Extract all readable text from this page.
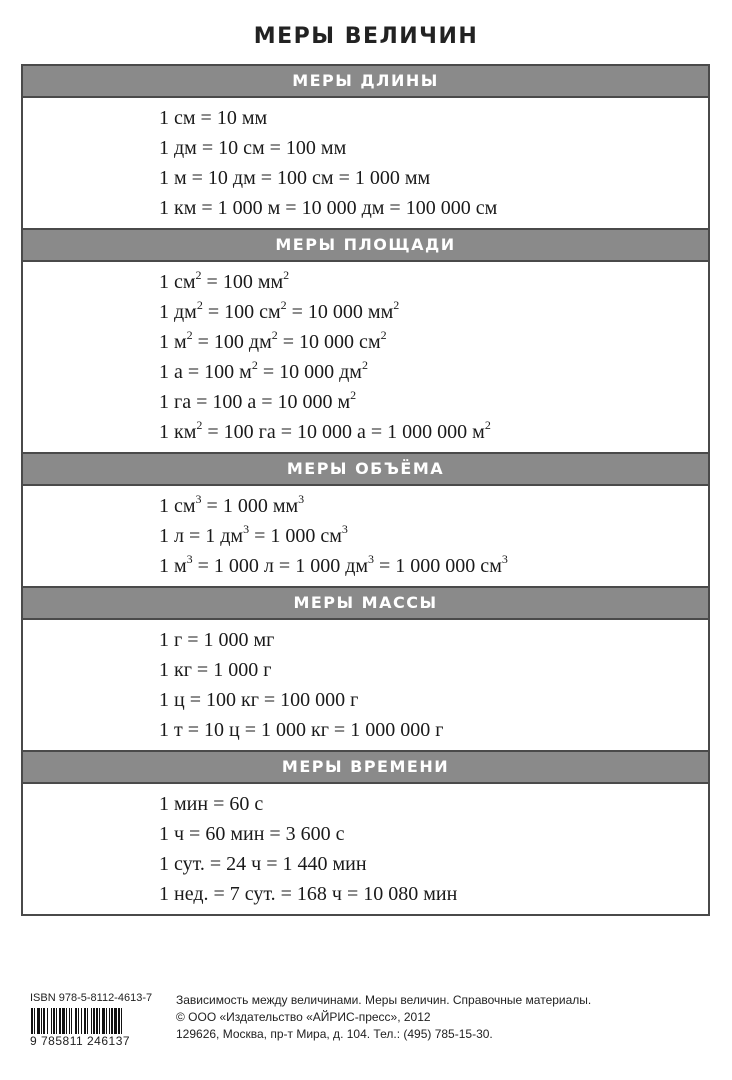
МЕРЫ ВЕЛИЧИН
МЕРЫ ДЛИНЫ
1 см = 10 мм
1 дм = 10 см = 100 мм
1 м = 10 дм = 100 см = 1 000 мм
1 км = 1 000 м = 10 000 дм = 100 000 см
МЕРЫ ПЛОЩАДИ
1 $см^2 = 100$ $мм^2$
1 $дм^2 = 100$ $см^2 = 10$ 000 $мм^2$
1 $м^2 = 100$ $дм^2 = 10$ 000 $см^2$
1 а = 100 $м^2 = 10$ 000 $дм^2$
1 га = 100 а = 10 000 $м^2$
1 $км^2 = 100$ га = 10 000 а = 1 000 000 $м^2$
МЕРЫ ОБЪЁМА
1 $см^3 = 1$ 000 $мм^3$
1 л = 1 $дм^3 = 1$ 000 $см^3$
1 $м^3 = 1$ 000 л = 1 000 $дм^3 = 1$ 000 000 $см^3$
МЕРЫ МАССЫ
1 г = 1 000 мг
1 кг = 1 000 г
1 ц = 100 кг = 100 000 г
1 т = 10 ц = 1 000 кг = 1 000 000 г
МЕРЫ ВРЕМЕНИ
1 мин = 60 с
1 ч = 60 мин = 3 600 с
1 сут. = 24 ч = 1 440 мин
1 нед. = 7 сут. = 168 ч = 10 080 мин
ISBN 978-5-8112-4613-7
9 785811 246137
Зависимость между величинами. Меры величин. Справочные материалы.
© ООО «Издательство «АЙРИС-пресс», 2012
129626, Москва, пр-т Мира, д. 104. Тел.: (495) 785-15-30.
